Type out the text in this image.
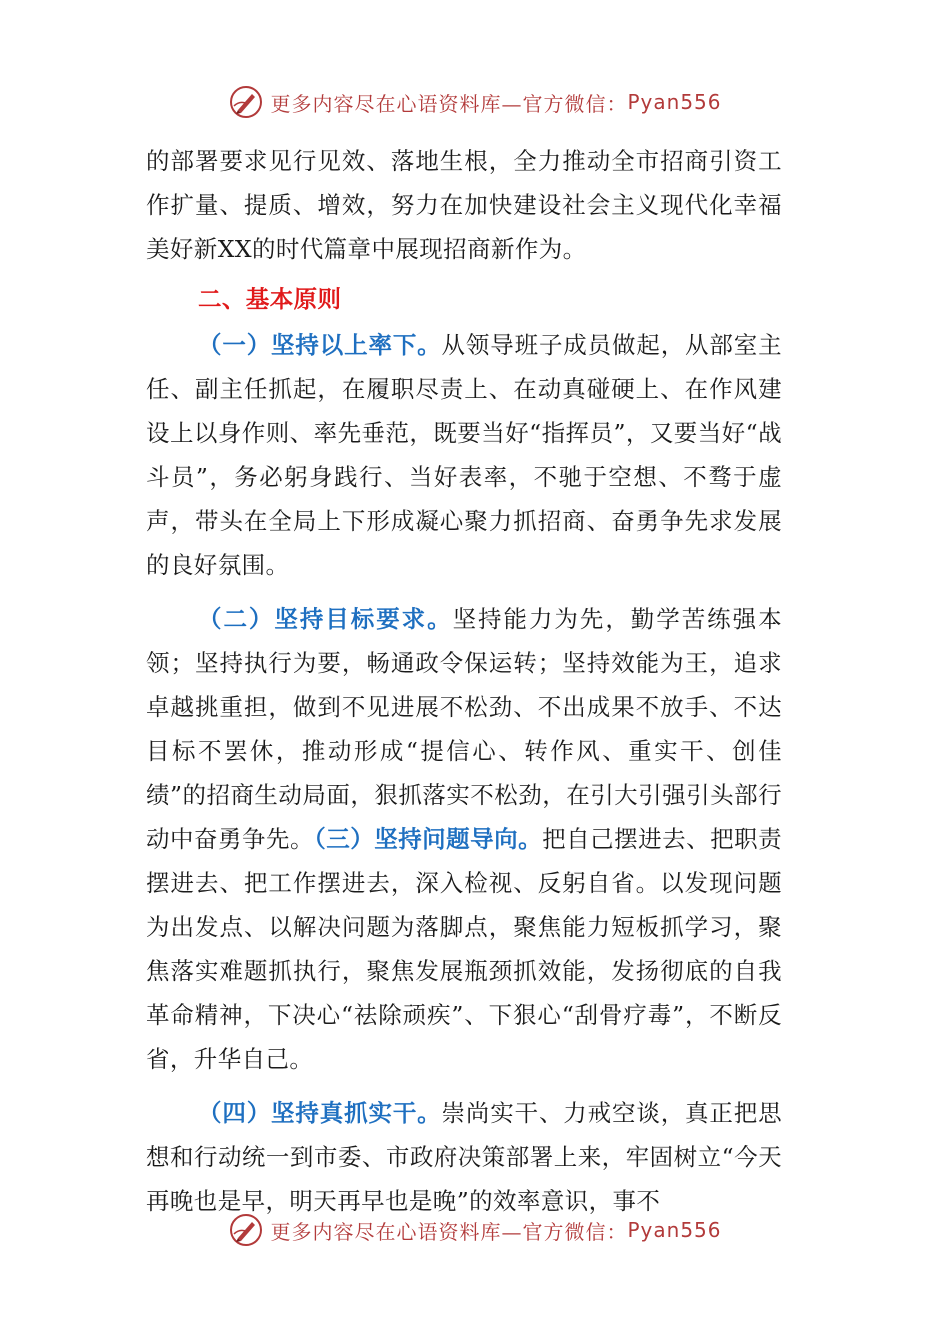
更多内容尽在心语资料库—官方微信： Pyan556

的部署要求见行见效、落地生根，全力推动全市招商引资工作扩量、提质、增效，努力在加快建设社会主义现代化幸福美好新XX的时代篇章中展现招商新作为。

二、基本原则

（一）坚持以上率下。从领导班子成员做起，从部室主任、副主任抓起，在履职尽责上、在动真碰硬上、在作风建设上以身作则、率先垂范，既要当好“指挥员”，又要当好“战斗员”，务必躬身践行、当好表率，不驰于空想、不骛于虚声，带头在全局上下形成凝心聚力抓招商、奋勇争先求发展的良好氛围。

（二）坚持目标要求。坚持能力为先，勤学苦练强本领；坚持执行为要，畅通政令保运转；坚持效能为王，追求卓越挑重担，做到不见进展不松劲、不出成果不放手、不达目标不罢休，推动形成“提信心、转作风、重实干、创佳绩”的招商生动局面，狠抓落实不松劲，在引大引强引头部行动中奋勇争先。（三）坚持问题导向。把自己摆进去、把职责摆进去、把工作摆进去，深入检视、反躬自省。以发现问题为出发点、以解决问题为落脚点，聚焦能力短板抓学习，聚焦落实难题抓执行，聚焦发展瓶颈抓效能，发扬彻底的自我革命精神，下决心“祛除顽疾”、下狠心“刮骨疗毒”，不断反省，升华自己。

（四）坚持真抓实干。崇尚实干、力戒空谈，真正把思想和行动统一到市委、市政府决策部署上来，牢固树立“今天再晚也是早，明天再早也是晚”的效率意识，事不

更多内容尽在心语资料库—官方微信： Pyan556
